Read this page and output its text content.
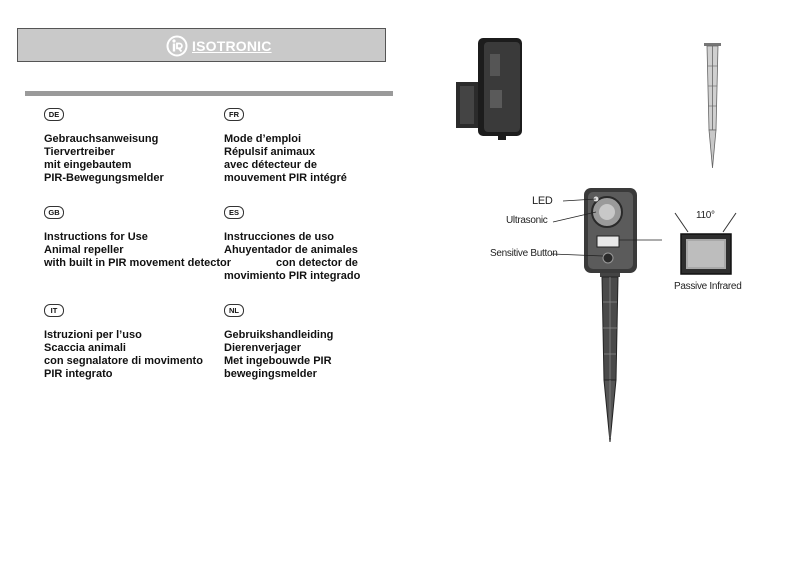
ISOTRONIC
DE
Gebrauchsanweisung
Tiervertreiber
mit eingebautem
PIR-Bewegungsmelder
FR
Mode d’emploi
Répulsif animaux
avec détecteur de
mouvement PIR intégré
GB
Instructions for Use
Animal repeller
with built in PIR movement detector
ES
Instrucciones de uso
Ahuyentador de animales
con detector de
movimiento PIR integrado
IT
Istruzioni per l’uso
Scaccia animali
con segnalatore di movimento
PIR integrato
NL
Gebruikshandleiding
Dierenverjager
Met ingebouwde PIR
bewegingsmelder
LED
Ultrasonic
Sensitive Button
110°
Passive Infrared
